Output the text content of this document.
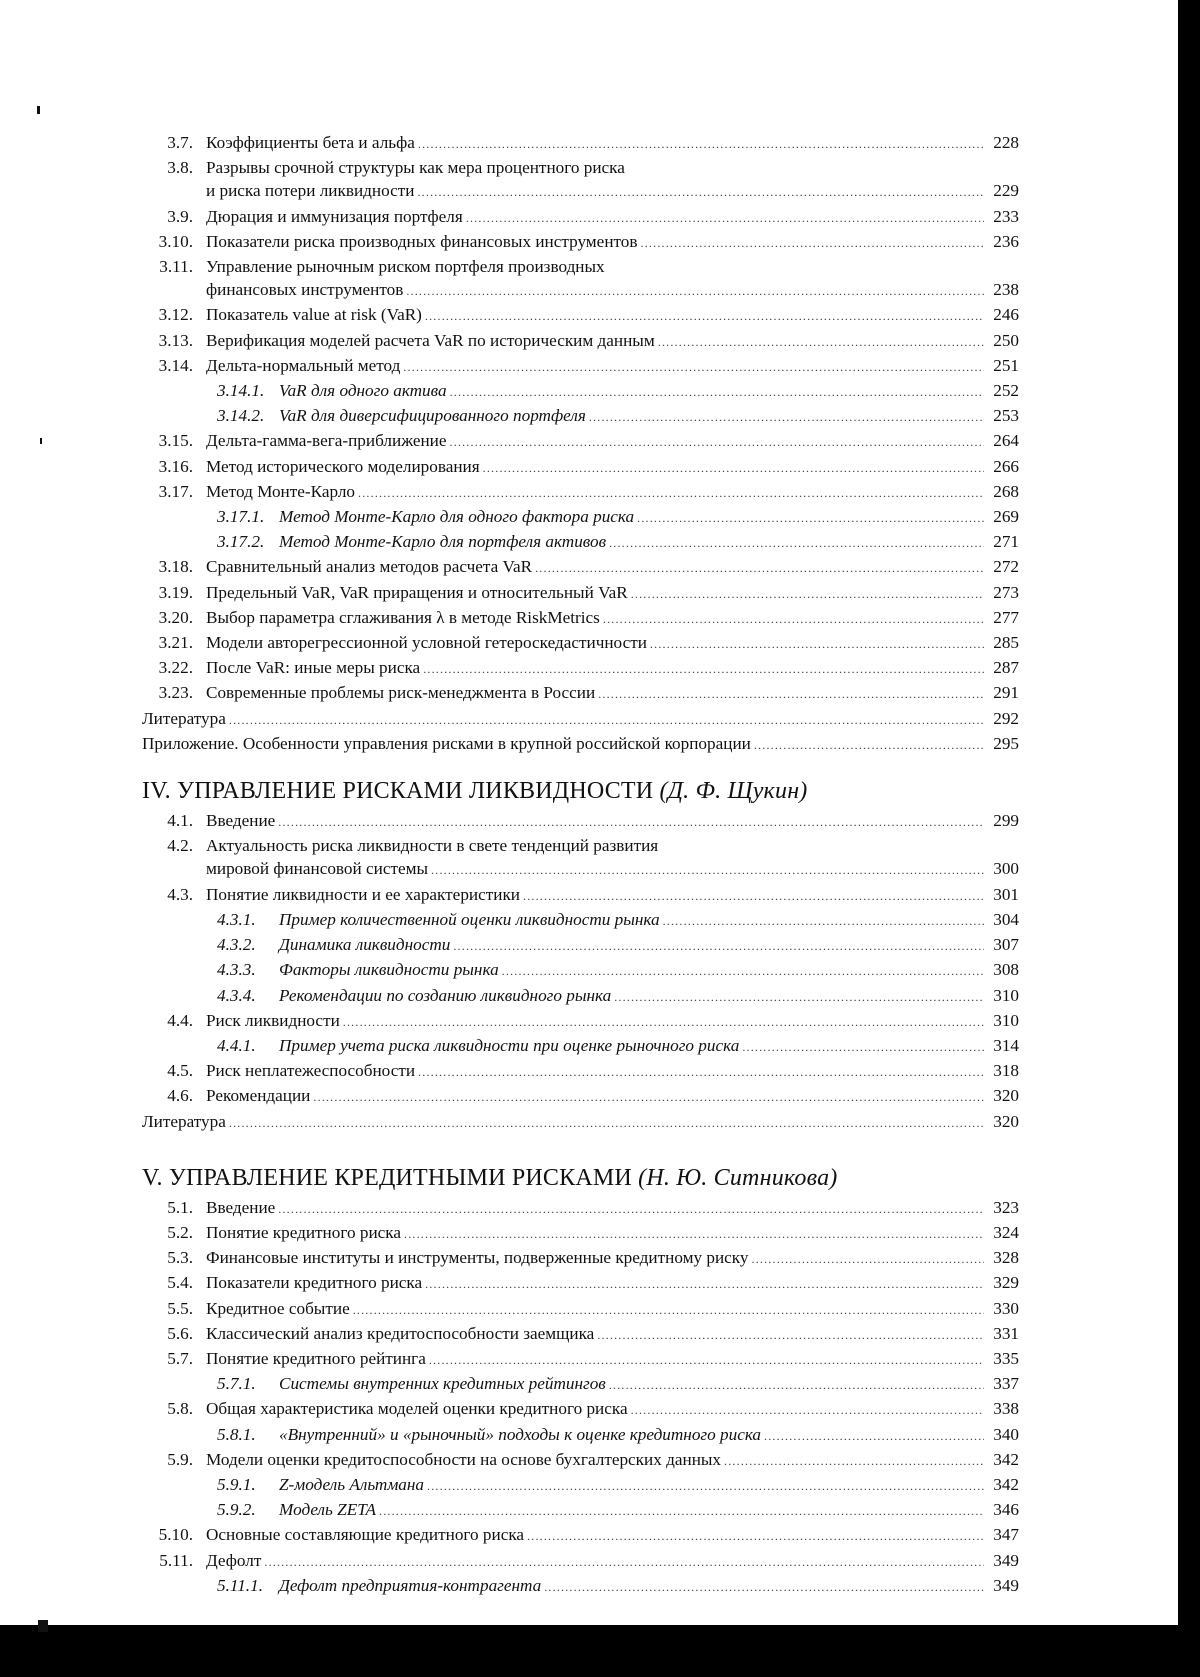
3.7. Коэффициенты бета и альфа .....	228
3.8. Разрывы срочной структуры как мера процентного риска
и риска потери ликвидности .....	229
3.9. Дюрация и иммунизация портфеля .....	233
3.10. Показатели риска производных финансовых инструментов .....	236
3.11. Управление рыночным риском портфеля производных
финансовых инструментов .....	238
3.12. Показатель value at risk (VaR) .....	246
3.13. Верификация моделей расчета VaR по историческим данным .....	250
3.14. Дельта-нормальный метод .....	251
3.14.1. VaR для одного актива .....	252
3.14.2. VaR для диверсифицированного портфеля .....	253
3.15. Дельта-гамма-вега-приближение .....	264
3.16. Метод исторического моделирования .....	266
3.17. Метод Монте-Карло .....	268
3.17.1. Метод Монте-Карло для одного фактора риска .....	269
3.17.2. Метод Монте-Карло для портфеля активов .....	271
3.18. Сравнительный анализ методов расчета VaR .....	272
3.19. Предельный VaR, VaR приращения и относительный VaR .....	273
3.20. Выбор параметра сглаживания λ в методе RiskMetrics .....	277
3.21. Модели авторегрессионной условной гетероскедастичности .....	285
3.22. После VaR: иные меры риска .....	287
3.23. Современные проблемы риск-менеджмента в России .....	291
Литература .....	292
Приложение. Особенности управления рисками в крупной российской корпорации .....	295
IV. УПРАВЛЕНИЕ РИСКАМИ ЛИКВИДНОСТИ (Д. Ф. Щукин)
4.1. Введение .....	299
4.2. Актуальность риска ликвидности в свете тенденций развития
мировой финансовой системы .....	300
4.3. Понятие ликвидности и ее характеристики .....	301
4.3.1.	Пример количественной оценки ликвидности рынка .....	304
4.3.2.	Динамика ликвидности .....	307
4.3.3.	Факторы ликвидности рынка .....	308
4.3.4.	Рекомендации по созданию ликвидного рынка .....	310
4.4. Риск ликвидности .....	310
4.4.1.	Пример учета риска ликвидности при оценке рыночного риска .....	314
4.5. Риск неплатежеспособности .....	318
4.6. Рекомендации .....	320
Литература .....	320
V. УПРАВЛЕНИЕ КРЕДИТНЫМИ РИСКАМИ (Н. Ю. Ситникова)
5.1. Введение .....	323
5.2. Понятие кредитного риска .....	324
5.3. Финансовые институты и инструменты, подверженные кредитному риску .....	328
5.4. Показатели кредитного риска .....	329
5.5. Кредитное событие .....	330
5.6. Классический анализ кредитоспособности заемщика .....	331
5.7. Понятие кредитного рейтинга .....	335
5.7.1.	Системы внутренних кредитных рейтингов .....	337
5.8. Общая характеристика моделей оценки кредитного риска .....	338
5.8.1.	«Внутренний» и «рыночный» подходы к оценке кредитного риска .....	340
5.9. Модели оценки кредитоспособности на основе бухгалтерских данных .....	342
5.9.1.	Z-модель Альтмана .....	342
5.9.2.	Модель ZETA .....	346
5.10. Основные составляющие кредитного риска .....	347
5.11. Дефолт .....	349
5.11.1. Дефолт предприятия-контрагента .....	349
